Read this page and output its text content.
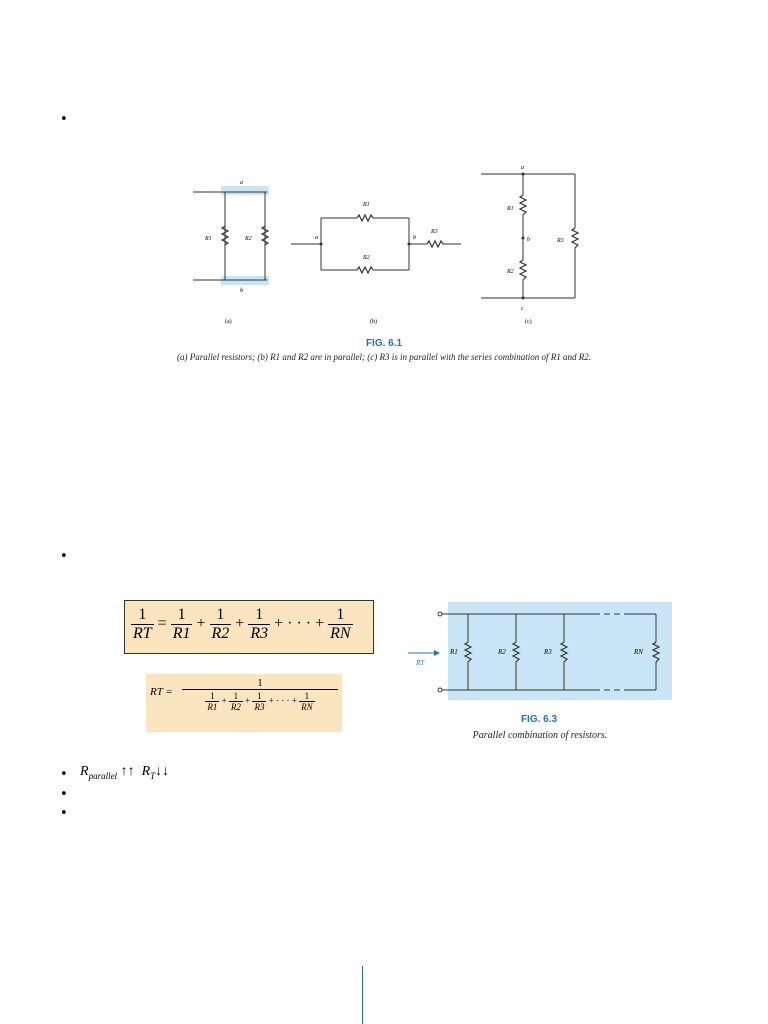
•
•
•
•
•
$R_{parallel}$ ↑↑ $R_T↓↓$
a
b
R1	R2
(a)
a	b
R1
R2
R3
(b)
a
b
c
R1
R2
R3
(c)
FIG. 6.1
(a) Parallel resistors; (b) R1 and R2 are in parallel; (c) R3 is in parallel with the series combination of R1 and R2.
$\frac{1}{RT} = \frac{1}{R1} + \frac{1}{R2} + \frac{1}{R3}$ + · · · + $\frac{1}{RN}$
RT =
1
$\frac{1}{R1} + \frac{1}{R2} + \frac{1}{R3}$ + · · · + $\frac{1}{RN}$
RT
R1	R2	R3	RN
FIG. 6.3
Parallel combination of resistors.
